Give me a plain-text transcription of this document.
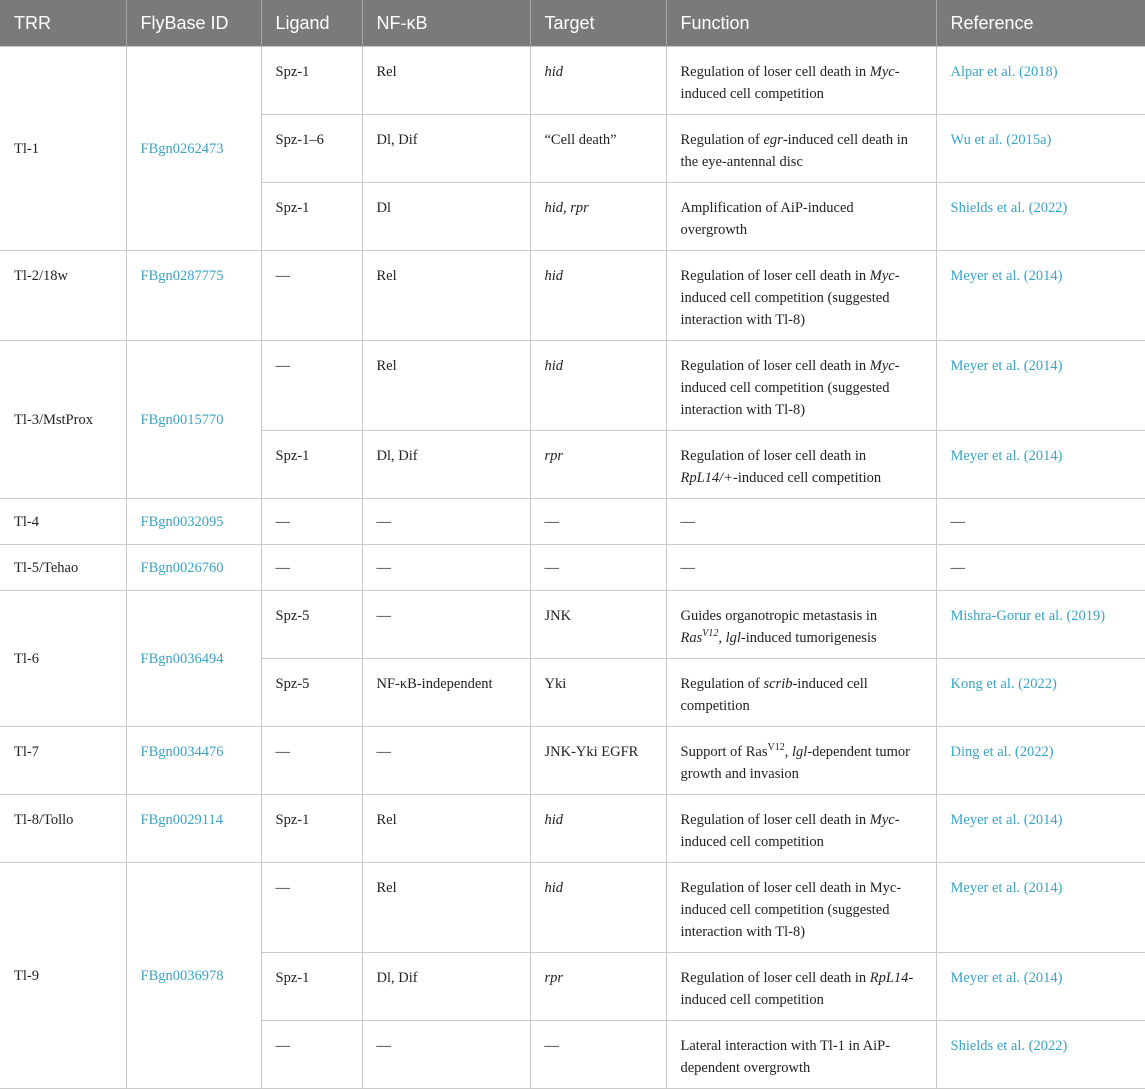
TRR	FlyBase ID	Ligand	NF-κB	Target	Function	Reference
Tl-1	FBgn0262473	Spz-1	Rel	hid	Regulation of loser cell death in Myc-induced cell competition	Alpar et al. (2018)
		Spz-1–6	Dl, Dif	“Cell death”	Regulation of egr-induced cell death in the eye-antennal disc	Wu et al. (2015a)
		Spz-1	Dl	hid, rpr	Amplification of AiP-induced overgrowth	Shields et al. (2022)
Tl-2/18w	FBgn0287775	—	Rel	hid	Regulation of loser cell death in Myc-induced cell competition (suggested interaction with Tl-8)	Meyer et al. (2014)
Tl-3/MstProx	FBgn0015770	—	Rel	hid	Regulation of loser cell death in Myc-induced cell competition (suggested interaction with Tl-8)	Meyer et al. (2014)
		Spz-1	Dl, Dif	rpr	Regulation of loser cell death in RpL14/+-induced cell competition	Meyer et al. (2014)
Tl-4	FBgn0032095	—	—	—	—	—
Tl-5/Tehao	FBgn0026760	—	—	—	—	—
Tl-6	FBgn0036494	Spz-5	—	JNK	Guides organotropic metastasis in Ras$^{V12}$, lgl-induced tumorigenesis	Mishra-Gorur et al. (2019)
		Spz-5	NF-κB-independent	Yki	Regulation of scrib-induced cell competition	Kong et al. (2022)
Tl-7	FBgn0034476	—	—	JNK-Yki EGFR	Support of Ras$^{V12}$, lgl-dependent tumor growth and invasion	Ding et al. (2022)
Tl-8/Tollo	FBgn0029114	Spz-1	Rel	hid	Regulation of loser cell death in Myc-induced cell competition	Meyer et al. (2014)
Tl-9	FBgn0036978	—	Rel	hid	Regulation of loser cell death in Myc-induced cell competition (suggested interaction with Tl-8)	Meyer et al. (2014)
		Spz-1	Dl, Dif	rpr	Regulation of loser cell death in RpL14-induced cell competition	Meyer et al. (2014)
		—	—	—	Lateral interaction with Tl-1 in AiP-dependent overgrowth	Shields et al. (2022)
